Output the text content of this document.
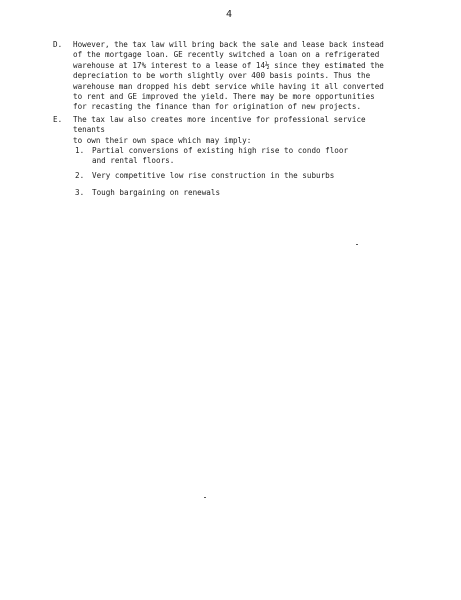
4
D. However, the tax law will bring back the sale and lease back instead
of the mortgage loan. GE recently switched a loan on a refrigerated
warehouse at 17% interest to a lease of 14½ since they estimated the
depreciation to be worth slightly over 400 basis points. Thus the
warehouse man dropped his debt service while having it all converted
to rent and GE improved the yield. There may be more opportunities
for recasting the finance than for origination of new projects.
E. The tax law also creates more incentive for professional service tenants
to own their own space which may imply:
1. Partial conversions of existing high rise to condo floor
and rental floors.
2. Very competitive low rise construction in the suburbs
3. Tough bargaining on renewals
